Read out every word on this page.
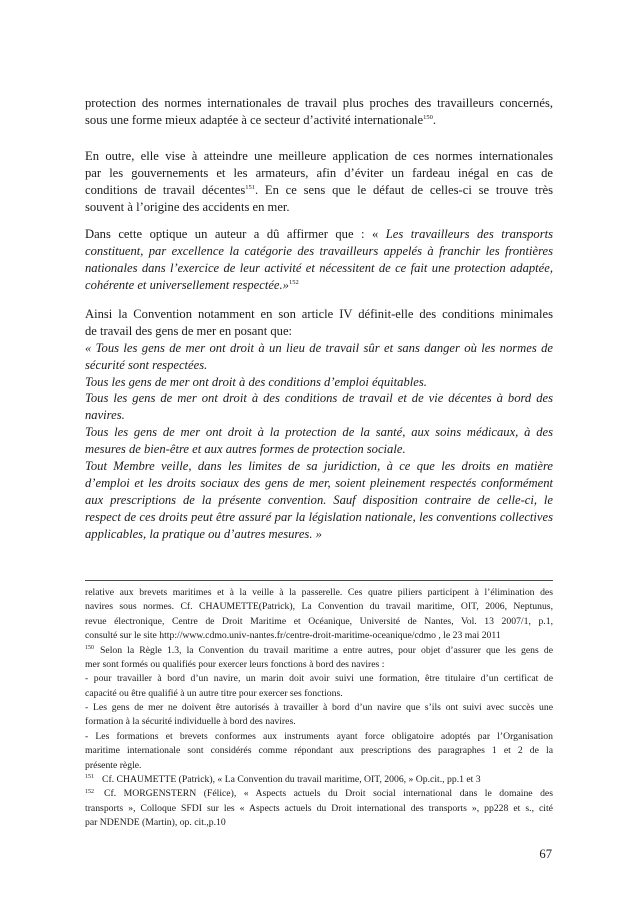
protection des normes internationales de travail plus proches des travailleurs concernés,
sous une forme mieux adaptée à ce secteur d’activité internationale$^{150}$.
En outre, elle vise à atteindre une meilleure application de ces normes internationales
par les gouvernements et les armateurs, afin d’éviter un fardeau inégal en cas de
conditions de travail décentes$^{151}$. En ce sens que le défaut de celles-ci se trouve très
souvent à l’origine des accidents en mer.
Dans cette optique un auteur a dû affirmer que : « Les travailleurs des transports
constituent, par excellence la catégorie des travailleurs appelés à franchir les frontières
nationales dans l’exercice de leur activité et nécessitent de ce fait une protection adaptée,
cohérente et universellement respectée.»$^{152}$
Ainsi la Convention notamment en son article IV définit-elle des conditions minimales
de travail des gens de mer en posant que:
« Tous les gens de mer ont droit à un lieu de travail sûr et sans danger où les normes de
sécurité sont respectées.
Tous les gens de mer ont droit à des conditions d’emploi équitables.
Tous les gens de mer ont droit à des conditions de travail et de vie décentes à bord des
navires.
Tous les gens de mer ont droit à la protection de la santé, aux soins médicaux, à des
mesures de bien-être et aux autres formes de protection sociale.
Tout Membre veille, dans les limites de sa juridiction, à ce que les droits en matière
d’emploi et les droits sociaux des gens de mer, soient pleinement respectés conformément
aux prescriptions de la présente convention. Sauf disposition contraire de celle-ci, le
respect de ces droits peut être assuré par la législation nationale, les conventions collectives
applicables, la pratique ou d’autres mesures. »
relative aux brevets maritimes et à la veille à la passerelle. Ces quatre piliers participent à l’élimination des
navires sous normes. Cf. CHAUMETTE(Patrick), La Convention du travail maritime, OIT, 2006, Neptunus,
revue électronique, Centre de Droit Maritime et Océanique, Université de Nantes, Vol. 13 2007/1, p.1,
consulté sur le site http://www.cdmo.univ-nantes.fr/centre-droit-maritime-oceanique/cdmo , le 23 mai 2011
$^{150}$ Selon la Règle 1.3, la Convention du travail maritime a entre autres, pour objet d’assurer que les gens de
mer sont formés ou qualifiés pour exercer leurs fonctions à bord des navires :
- pour travailler à bord d’un navire, un marin doit avoir suivi une formation, être titulaire d’un certificat de
capacité ou être qualifié à un autre titre pour exercer ses fonctions.
- Les gens de mer ne doivent être autorisés à travailler à bord d’un navire que s’ils ont suivi avec succès une
formation à la sécurité individuelle à bord des navires.
- Les formations et brevets conformes aux instruments ayant force obligatoire adoptés par l’Organisation
maritime internationale sont considérés comme répondant aux prescriptions des paragraphes 1 et 2 de la
présente règle.
$^{151}$ Cf. CHAUMETTE (Patrick), « La Convention du travail maritime, OIT, 2006, » Op.cit., pp.1 et 3
$^{152}$ Cf. MORGENSTERN (Félice), « Aspects actuels du Droit social international dans le domaine des
transports », Colloque SFDI sur les « Aspects actuels du Droit international des transports », pp228 et s., cité
par NDENDE (Martin), op. cit.,p.10
67
